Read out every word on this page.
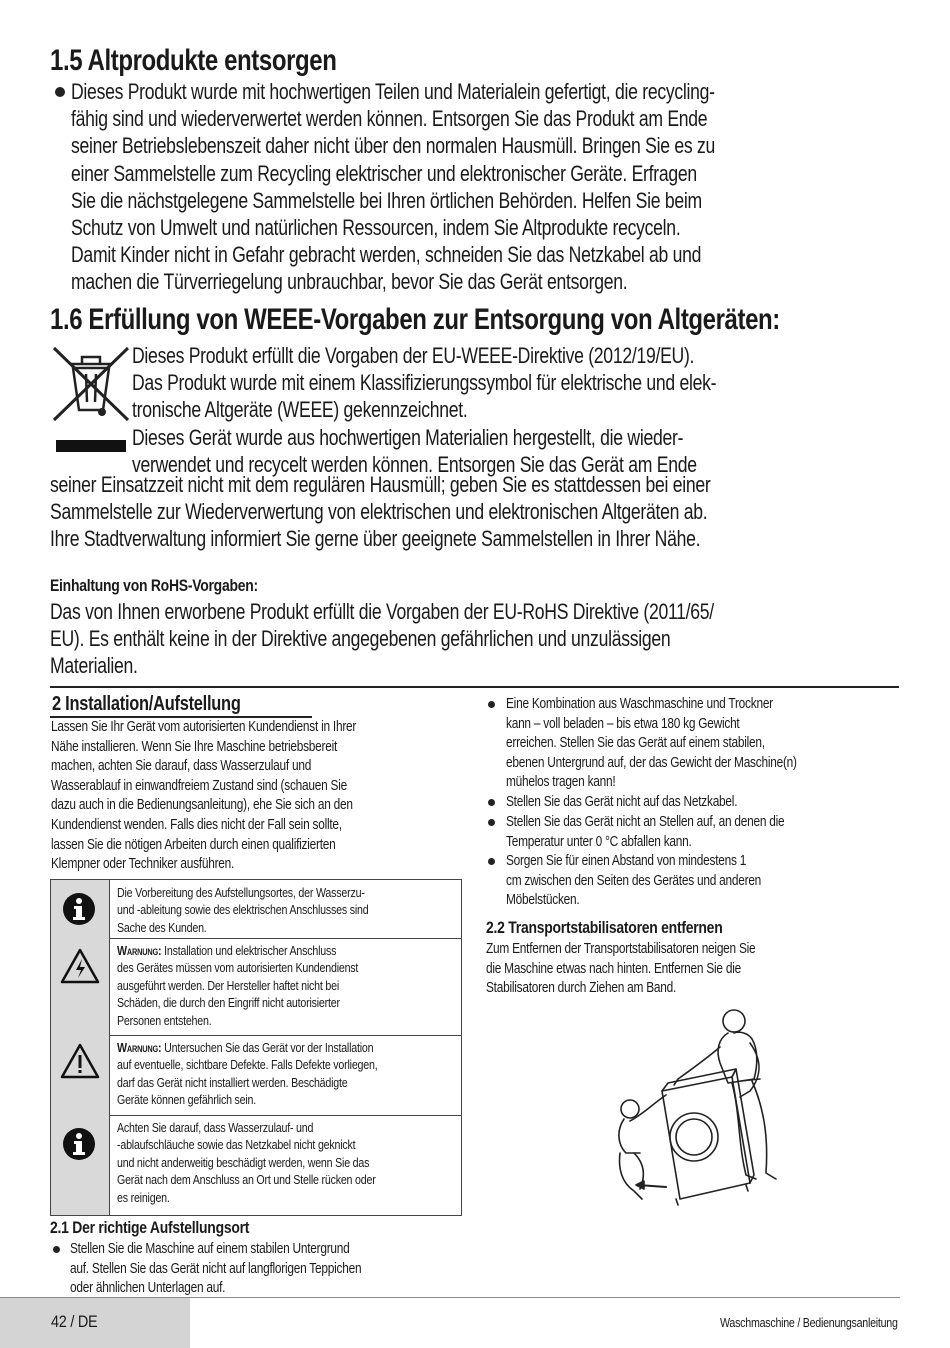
1.5 Altprodukte entsorgen

Dieses Produkt wurde mit hochwertigen Teilen und Materialein gefertigt, die recycling-

fähig sind und wiederverwertet werden können. Entsorgen Sie das Produkt am Ende

seiner Betriebslebenszeit daher nicht über den normalen Hausmüll. Bringen Sie es zu

einer Sammelstelle zum Recycling elektrischer und elektronischer Geräte. Erfragen

Sie die nächstgelegene Sammelstelle bei Ihren örtlichen Behörden. Helfen Sie beim

Schutz von Umwelt und natürlichen Ressourcen, indem Sie Altprodukte recyceln.

Damit Kinder nicht in Gefahr gebracht werden, schneiden Sie das Netzkabel ab und

machen die Türverriegelung unbrauchbar, bevor Sie das Gerät entsorgen.

1.6 Erfüllung von WEEE-Vorgaben zur Entsorgung von Altgeräten:

Dieses Produkt erfüllt die Vorgaben der EU-WEEE-Direktive (2012/19/EU).

Das Produkt wurde mit einem Klassifizierungssymbol für elektrische und elek-

tronische Altgeräte (WEEE) gekennzeichnet.

Dieses Gerät wurde aus hochwertigen Materialien hergestellt, die wieder-

verwendet und recycelt werden können. Entsorgen Sie das Gerät am Ende

seiner Einsatzzeit nicht mit dem regulären Hausmüll; geben Sie es stattdessen bei einer

Sammelstelle zur Wiederverwertung von elektrischen und elektronischen Altgeräten ab.

Ihre Stadtverwaltung informiert Sie gerne über geeignete Sammelstellen in Ihrer Nähe.

Einhaltung von RoHS-Vorgaben:

Das von Ihnen erworbene Produkt erfüllt die Vorgaben der EU-RoHS Direktive (2011/65/

EU). Es enthält keine in der Direktive angegebenen gefährlichen und unzulässigen

Materialien.

2 Installation/Aufstellung

Lassen Sie Ihr Gerät vom autorisierten Kundendienst in Ihrer

Nähe installieren. Wenn Sie Ihre Maschine betriebsbereit

machen, achten Sie darauf, dass Wasserzulauf und

Wasserablauf in einwandfreiem Zustand sind (schauen Sie

dazu auch in die Bedienungsanleitung), ehe Sie sich an den

Kundendienst wenden. Falls dies nicht der Fall sein sollte,

lassen Sie die nötigen Arbeiten durch einen qualifizierten

Klempner oder Techniker ausführen.

Die Vorbereitung des Aufstellungsortes, der Wasserzu-

und -ableitung sowie des elektrischen Anschlusses sind

Sache des Kunden.

Warnung: Installation und elektrischer Anschluss

des Gerätes müssen vom autorisierten Kundendienst

ausgeführt werden. Der Hersteller haftet nicht bei

Schäden, die durch den Eingriff nicht autorisierter

Personen entstehen.

Warnung: Untersuchen Sie das Gerät vor der Installation

auf eventuelle, sichtbare Defekte. Falls Defekte vorliegen,

darf das Gerät nicht installiert werden. Beschädigte

Geräte können gefährlich sein.

Achten Sie darauf, dass Wasserzulauf- und

-ablaufschläuche sowie das Netzkabel nicht geknickt

und nicht anderweitig beschädigt werden, wenn Sie das

Gerät nach dem Anschluss an Ort und Stelle rücken oder

es reinigen.

2.1 Der richtige Aufstellungsort

Stellen Sie die Maschine auf einem stabilen Untergrund

auf. Stellen Sie das Gerät nicht auf langflorigen Teppichen

oder ähnlichen Unterlagen auf.

Eine Kombination aus Waschmaschine und Trockner

kann – voll beladen – bis etwa 180 kg Gewicht

erreichen. Stellen Sie das Gerät auf einem stabilen,

ebenen Untergrund auf, der das Gewicht der Maschine(n)

mühelos tragen kann!

Stellen Sie das Gerät nicht auf das Netzkabel.

Stellen Sie das Gerät nicht an Stellen auf, an denen die

Temperatur unter 0 °C abfallen kann.

Sorgen Sie für einen Abstand von mindestens 1

cm zwischen den Seiten des Gerätes und anderen

Möbelstücken.

2.2 Transportstabilisatoren entfernen

Zum Entfernen der Transportstabilisatoren neigen Sie

die Maschine etwas nach hinten. Entfernen Sie die

Stabilisatoren durch Ziehen am Band.

42 / DE	Waschmaschine / Bedienungsanleitung
